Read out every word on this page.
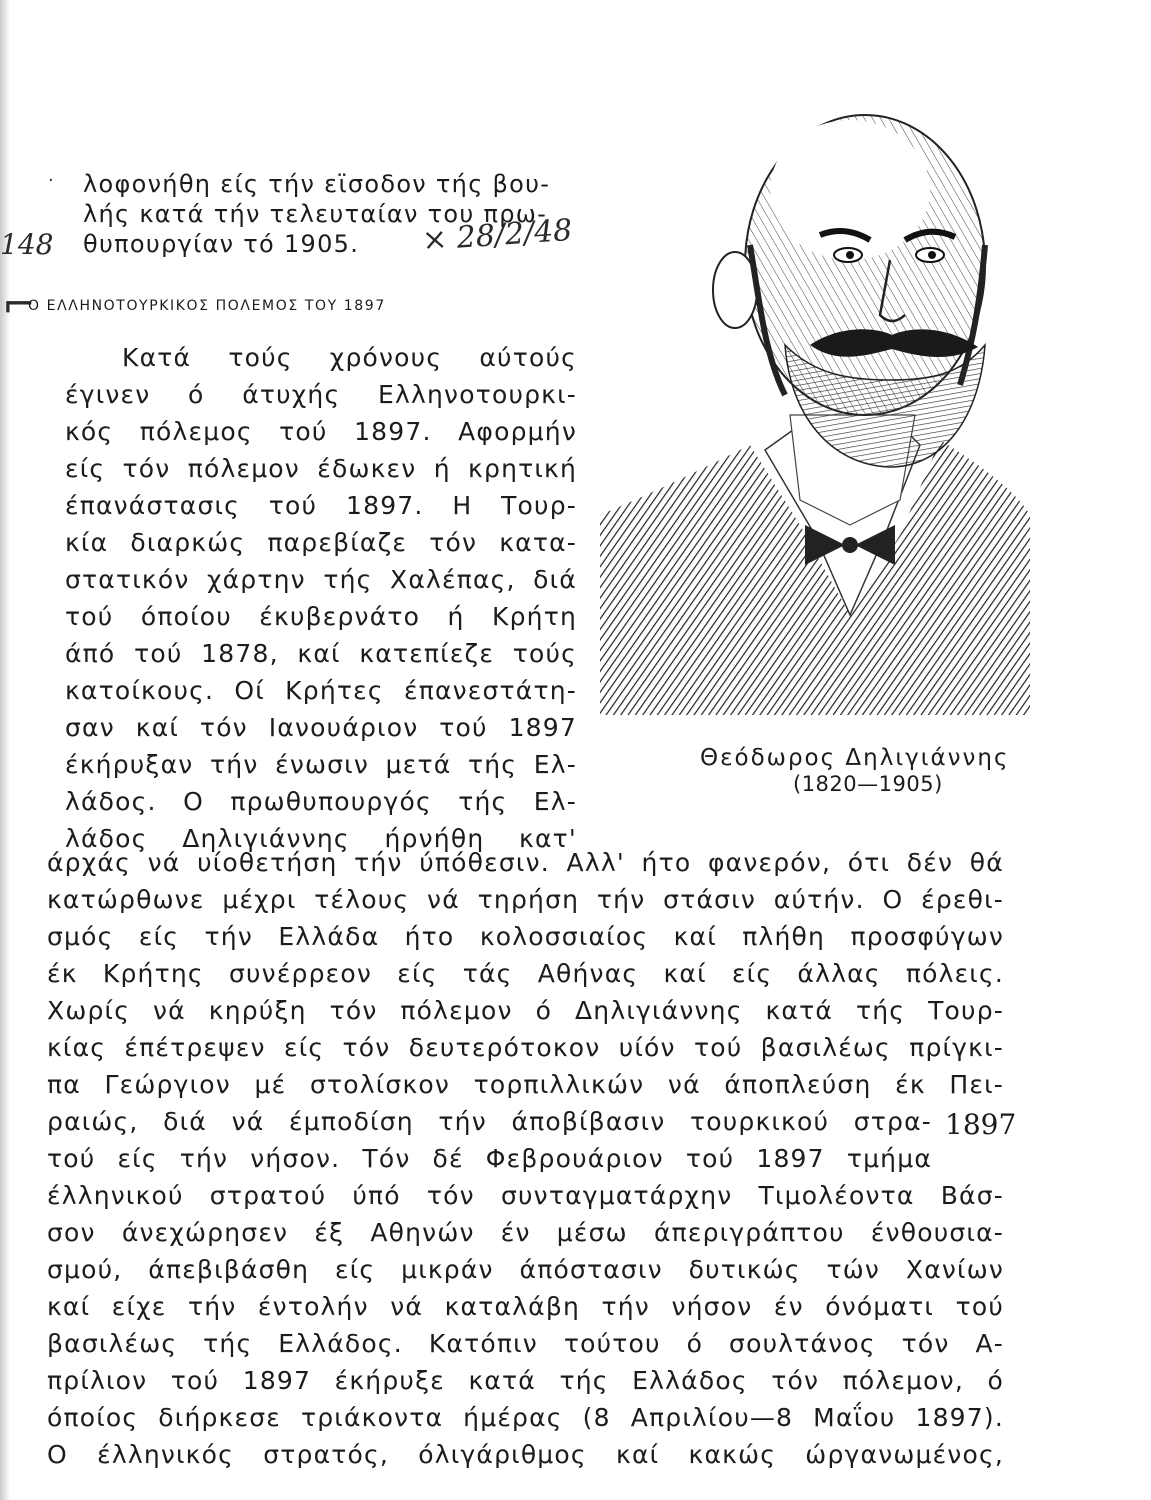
· λοφονήθη είς τήν εϊσοδον τής βου-

λής κατά τήν τελευταίαν του πρω-

θυπουργίαν τό 1905. × 28/2/48
148
⌐
Ο ΕΛΛΗΝΟΤΟΥΡΚΙΚΟΣ ΠΟΛΕΜΟΣ ΤΟΥ 1897

Κατά τούς χρόνους αύτούς

έγινεν ό άτυχής Ελληνοτουρκι-

κός πόλεμος τού 1897. Αφορμήν

είς τόν πόλεμον έδωκεν ή κρητική

έπανάστασις τού 1897. Η Τουρ-

κία διαρκώς παρεβίαζε τόν κατα-

στατικόν χάρτην τής Χαλέπας, διά

τού όποίου έκυβερνάτο ή Κρήτη

άπό τού 1878, καί κατεπίεζε τούς

κατοίκους. Οί Κρήτες έπανεστάτη-

σαν καί τόν Ιανουάριον τού 1897

έκήρυξαν τήν ένωσιν μετά τής Ελ-

λάδος. Ο πρωθυπουργός τής Ελ-

λάδος Δηλιγιάννης ήρνήθη κατ'

Θεόδωρος Δηλιγιάννης
(1820—1905)

άρχάς νά υίοθετήση τήν ύπόθεσιν. Αλλ' ήτο φανερόν, ότι δέν θά

κατώρθωνε μέχρι τέλους νά τηρήση τήν στάσιν αύτήν. Ο έρεθι-

σμός είς τήν Ελλάδα ήτο κολοσσιαίος καί πλήθη προσφύγων

έκ Κρήτης συνέρρεον είς τάς Αθήνας καί είς άλλας πόλεις.

Χωρίς νά κηρύξη τόν πόλεμον ό Δηλιγιάννης κατά τής Τουρ-

κίας έπέτρεψεν είς τόν δευτερότοκον υίόν τού βασιλέως πρίγκι-

πα Γεώργιον μέ στολίσκον τορπιλλικών νά άποπλεύση έκ Πει-

ραιώς, διά νά έμποδίση τήν άποβίβασιν τουρκικού στρα-

τού είς τήν νήσον. Τόν δέ Φεβρουάριον τού 1897 τμήμα

1897

έλληνικού στρατού ύπό τόν συνταγματάρχην Τιμολέοντα Βάσ-

σον άνεχώρησεν έξ Αθηνών έν μέσω άπεριγράπτου ένθουσια-

σμού, άπεβιβάσθη είς μικράν άπόστασιν δυτικώς τών Χανίων

καί είχε τήν έντολήν νά καταλάβη τήν νήσον έν όνόματι τού

βασιλέως τής Ελλάδος. Κατόπιν τούτου ό σουλτάνος τόν Α-

πρίλιον τού 1897 έκήρυξε κατά τής Ελλάδος τόν πόλεμον, ό

όποίος διήρκεσε τριάκοντα ήμέρας (8 Απριλίου—8 Μαΐου 1897).

Ο έλληνικός στρατός, όλιγάριθμος καί κακώς ώργανωμένος,
